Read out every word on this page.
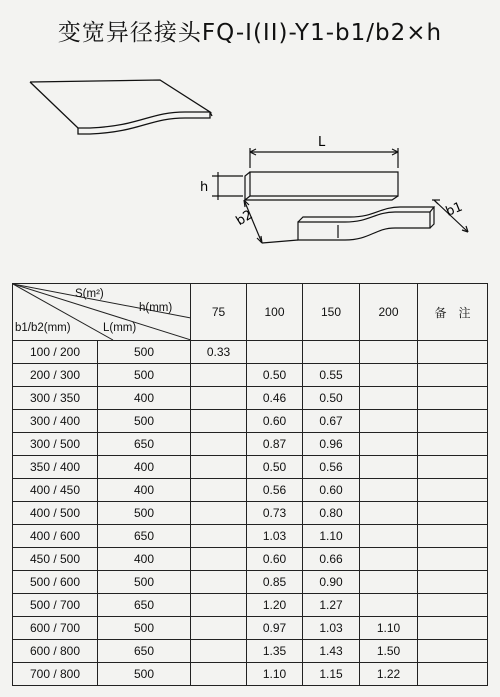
变宽异径接头FQ-I(II)-Y1-b1/b2×h
L
h
b2	b1
S(m²)
h(mm)
L(mm)
b1/b2(mm)		75	100	150	200	备　注
100 / 200	500	0.33				
200 / 300	500		0.50	0.55		
300 / 350	400		0.46	0.50		
300 / 400	500		0.60	0.67		
300 / 500	650		0.87	0.96		
350 / 400	400		0.50	0.56		
400 / 450	400		0.56	0.60		
400 / 500	500		0.73	0.80		
400 / 600	650		1.03	1.10		
450 / 500	400		0.60	0.66		
500 / 600	500		0.85	0.90		
500 / 700	650		1.20	1.27		
600 / 700	500		0.97	1.03	1.10	
600 / 800	650		1.35	1.43	1.50	
700 / 800	500		1.10	1.15	1.22	
